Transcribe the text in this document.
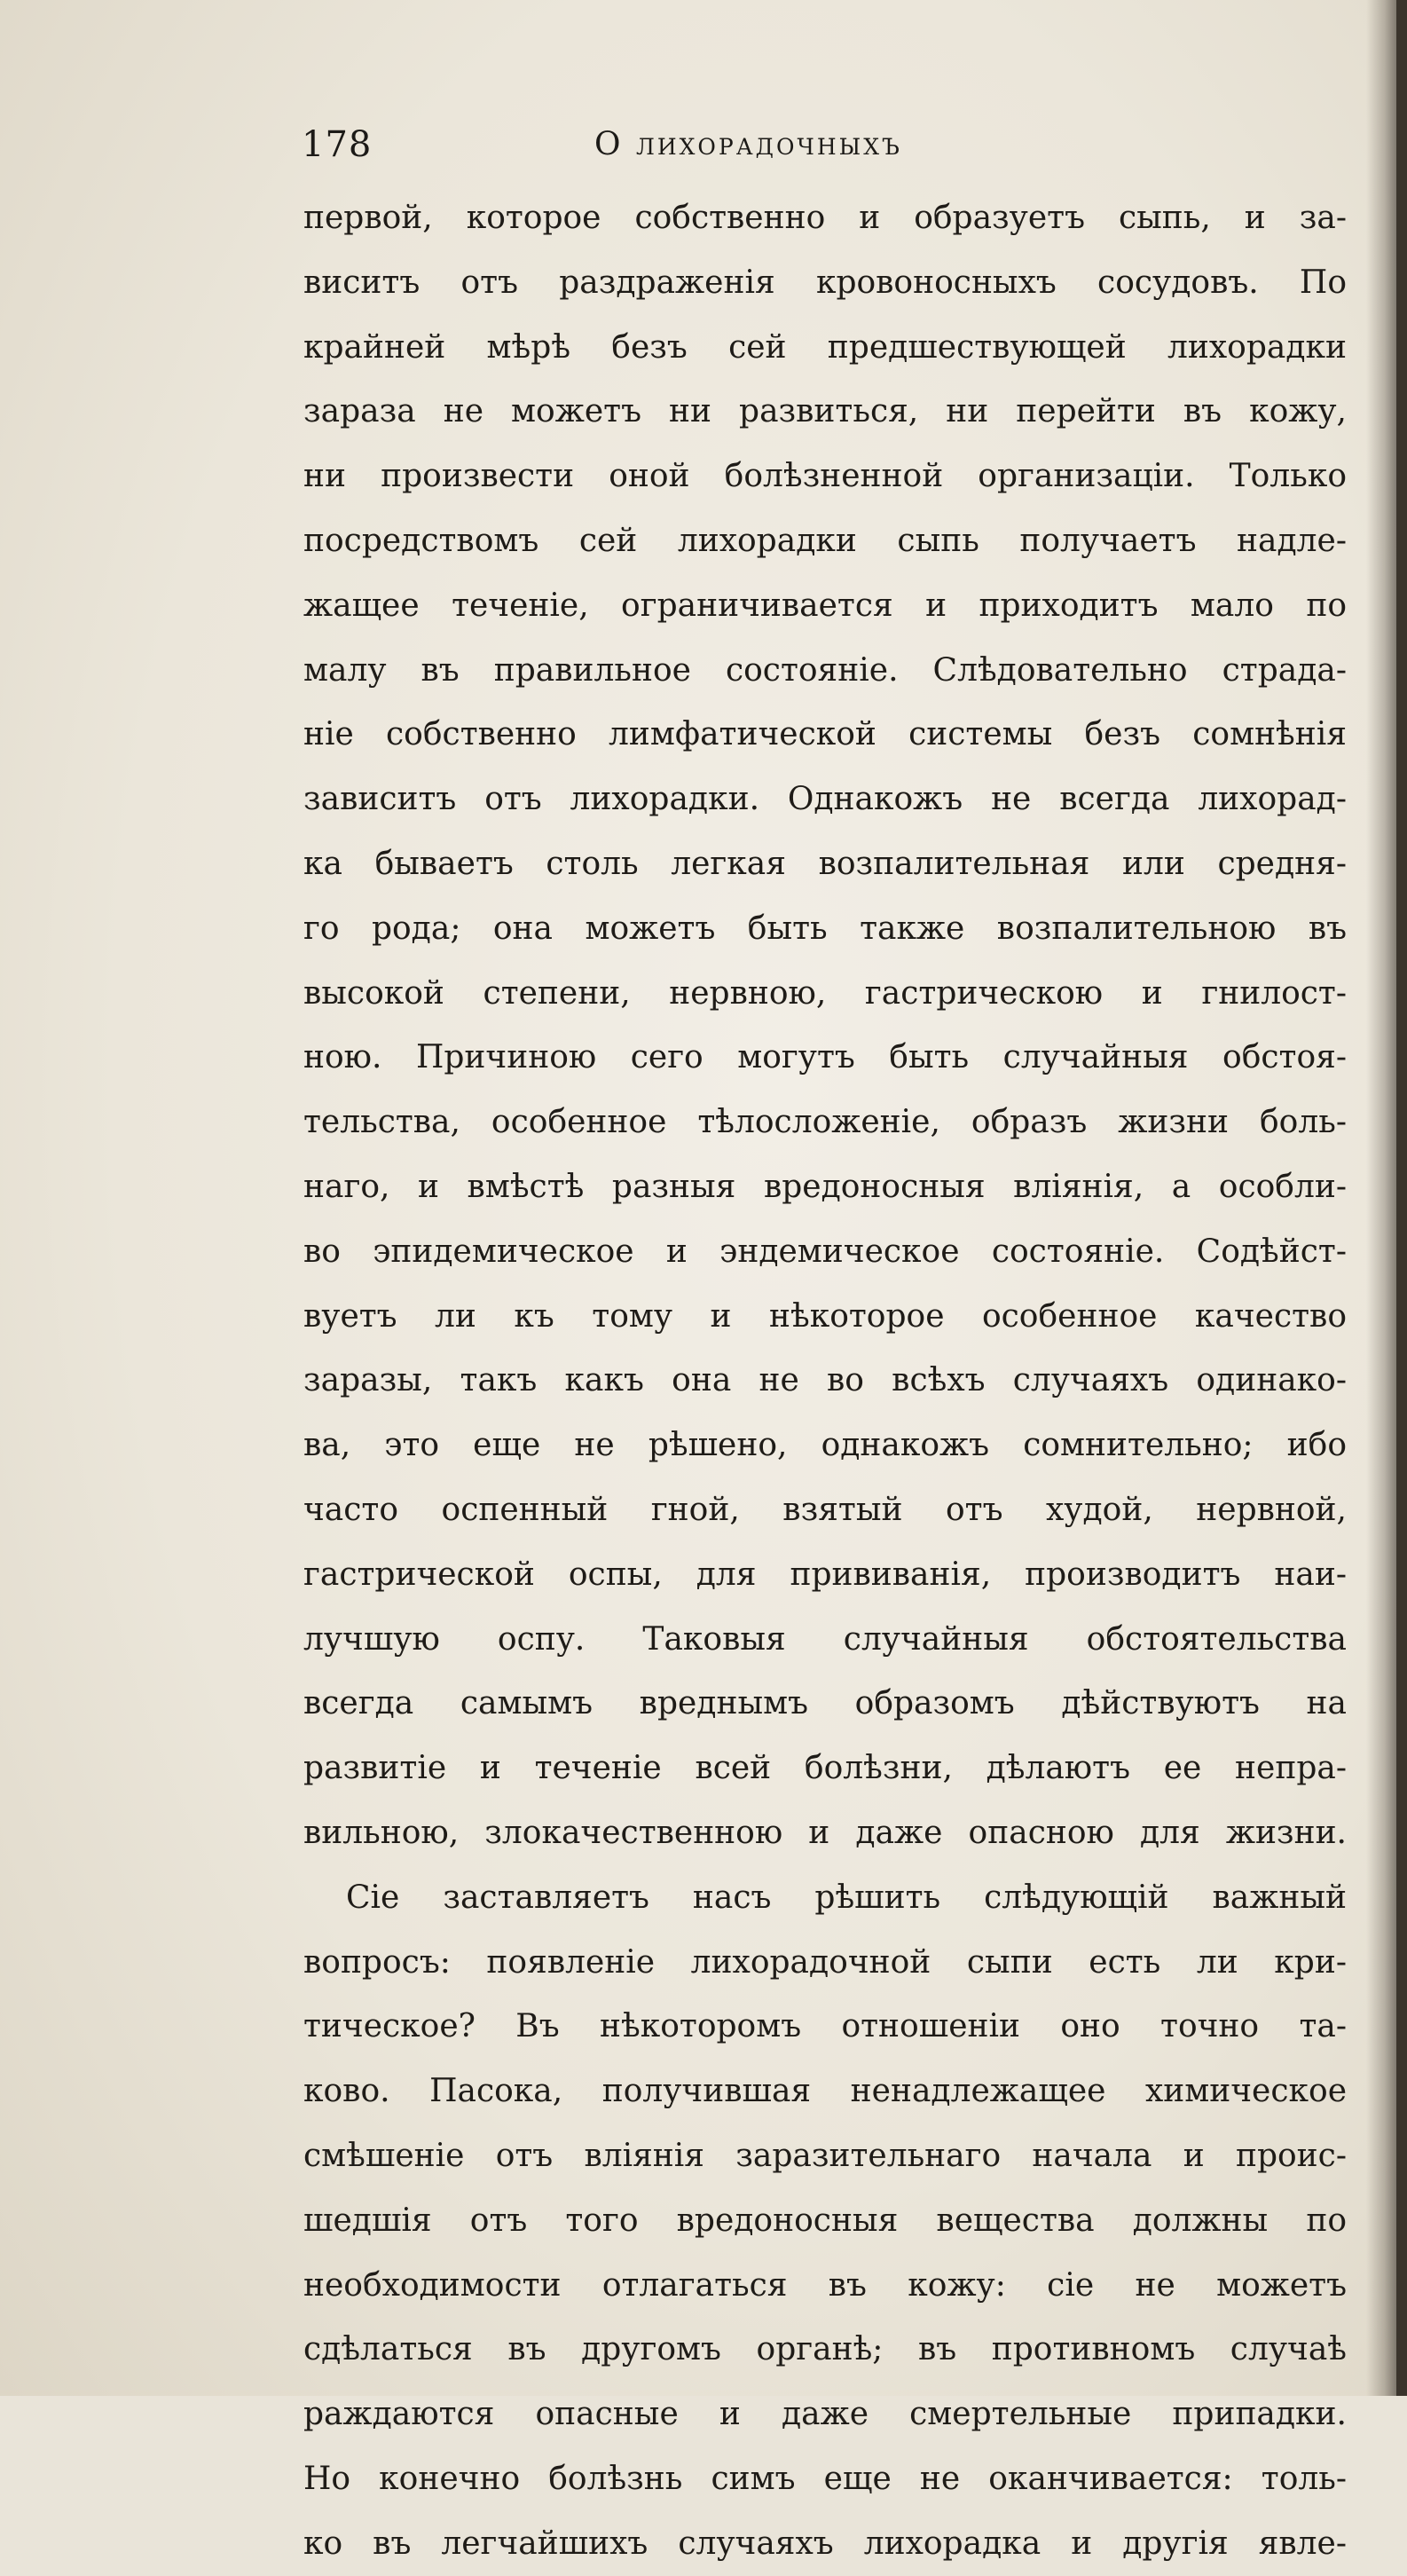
178	О лихорадочныхъ
первой, которое собственно и образуетъ сыпь, и за-
виситъ отъ раздраженія кровоносныхъ сосудовъ. По
крайней мѣрѣ безъ сей предшествующей лихорадки
зараза не можетъ ни развиться, ни перейти въ кожу,
ни произвести оной болѣзненной организаціи. Только
посредствомъ сей лихорадки сыпь получаетъ надле-
жащее теченіе, ограничивается и приходитъ мало по
малу въ правильное состояніе. Слѣдовательно страда-
ніе собственно лимфатической системы безъ сомнѣнія
зависитъ отъ лихорадки. Однакожъ не всегда лихорад-
ка бываетъ столь легкая возпалительная или средня-
го рода; она можетъ быть также возпалительною въ
высокой степени, нервною, гастрическою и гнилост-
ною. Причиною сего могутъ быть случайныя обстоя-
тельства, особенное тѣлосложеніе, образъ жизни боль-
наго, и вмѣстѣ разныя вредоносныя вліянія, а особли-
во эпидемическое и эндемическое состояніе. Содѣйст-
вуетъ ли къ тому и нѣкоторое особенное качество
заразы, такъ какъ она не во всѣхъ случаяхъ одинако-
ва, это еще не рѣшено, однакожъ сомнительно; ибо
часто оспенный гной, взятый отъ худой, нервной,
гастрической оспы, для прививанія, производитъ наи-
лучшую оспу. Таковыя случайныя обстоятельства
всегда самымъ вреднымъ образомъ дѣйствуютъ на
развитіе и теченіе всей болѣзни, дѣлаютъ ее непра-
вильною, злокачественною и даже опасною для жизни.
Сіе заставляетъ насъ рѣшить слѣдующій важный
вопросъ: появленіе лихорадочной сыпи есть ли кри-
тическое? Въ нѣкоторомъ отношеніи оно точно та-
ково. Пасока, получившая ненадлежащее химическое
смѣшеніе отъ вліянія заразительнаго начала и проис-
шедшія отъ того вредоносныя вещества должны по
необходимости отлагаться въ кожу: сіе не можетъ
сдѣлаться въ другомъ органѣ; въ противномъ случаѣ
раждаются опасные и даже смертельные припадки.
Но конечно болѣзнь симъ еще не оканчивается: толь-
ко въ легчайшихъ случаяхъ лихорадка и другія явле-
